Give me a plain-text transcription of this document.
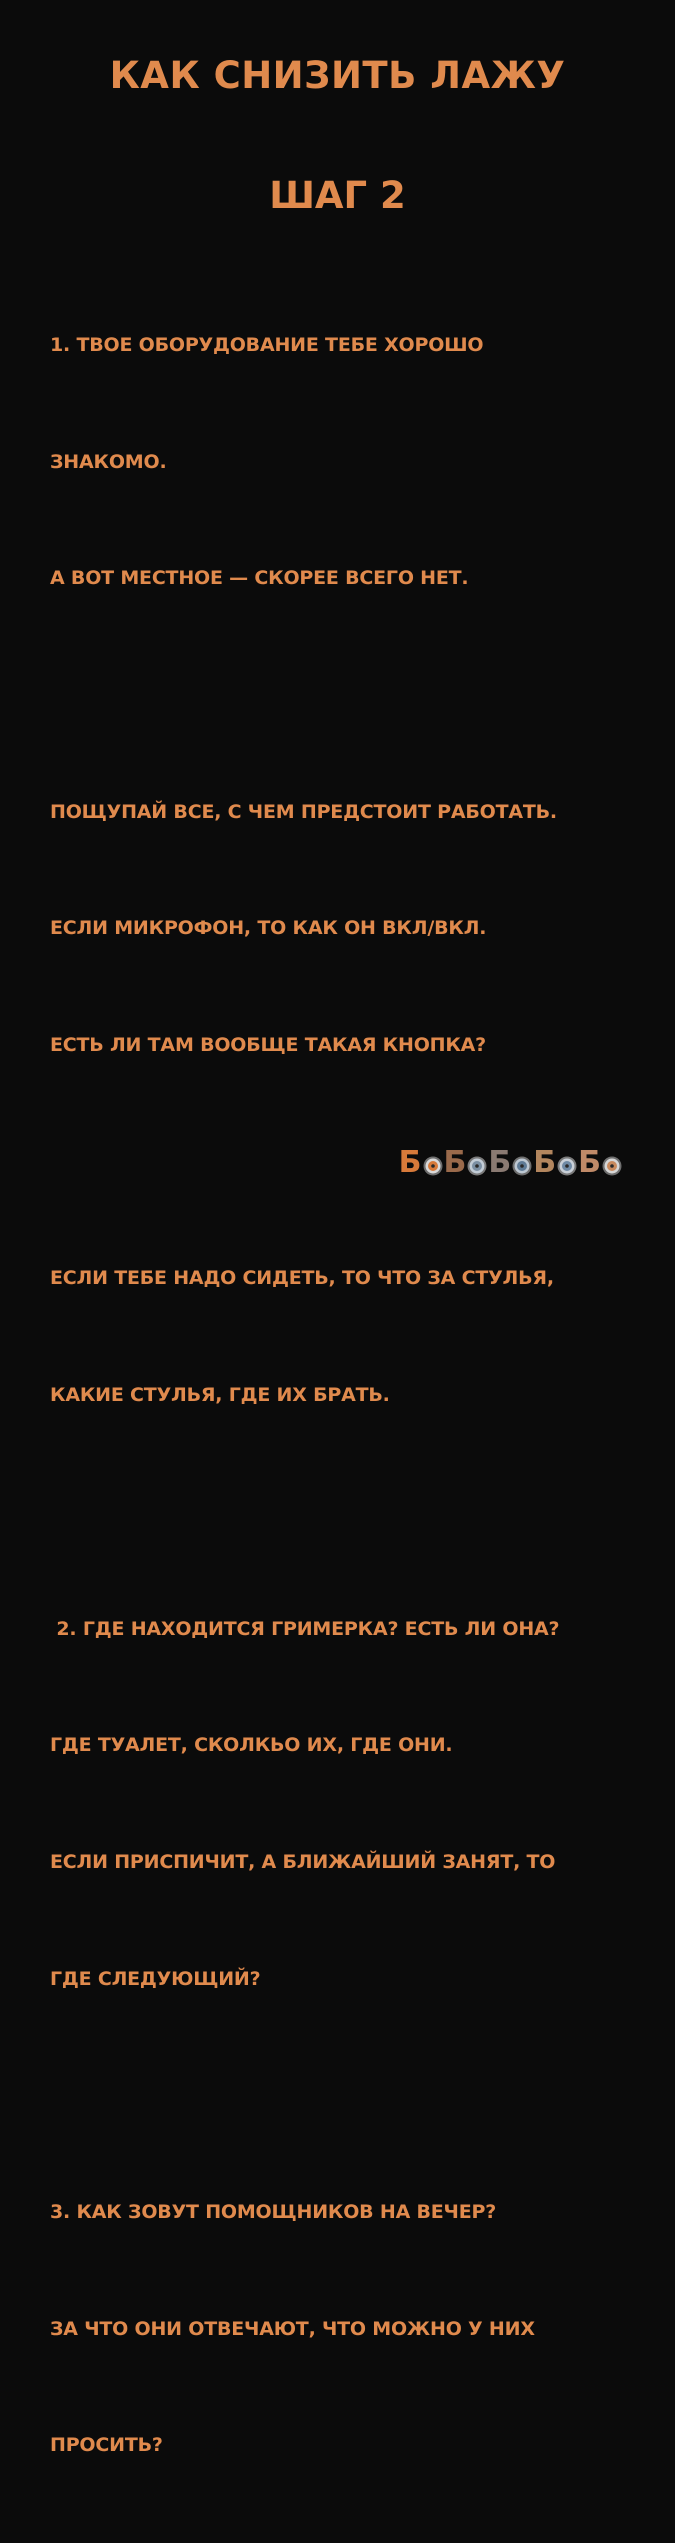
КАК СНИЗИТЬ ЛАЖУ
ШАГ 2

1. ТВОЕ ОБОРУДОВАНИЕ ТЕБЕ ХОРОШО

ЗНАКОМО.

А ВОТ МЕСТНОЕ — СКОРЕЕ ВСЕГО НЕТ.

ПОЩУПАЙ ВСЕ, С ЧЕМ ПРЕДСТОИТ РАБОТАТЬ.

ЕСЛИ МИКРОФОН, ТО КАК ОН ВКЛ/ВКЛ.

ЕСТЬ ЛИ ТАМ ВООБЩЕ ТАКАЯ КНОПКА?

ЕСЛИ ТЕБЕ НАДО СИДЕТЬ, ТО ЧТО ЗА СТУЛЬЯ,

КАКИЕ СТУЛЬЯ, ГДЕ ИХ БРАТЬ.

2. ГДЕ НАХОДИТСЯ ГРИМЕРКА? ЕСТЬ ЛИ ОНА?

ГДЕ ТУАЛЕТ, СКОЛКЬО ИХ, ГДЕ ОНИ.

ЕСЛИ ПРИСПИЧИТ, А БЛИЖАЙШИЙ ЗАНЯТ, ТО

ГДЕ СЛЕДУЮЩИЙ?

3. КАК ЗОВУТ ПОМОЩНИКОВ НА ВЕЧЕР?

ЗА ЧТО ОНИ ОТВЕЧАЮТ, ЧТО МОЖНО У НИХ

ПРОСИТЬ?

Б Б Б Б Б
